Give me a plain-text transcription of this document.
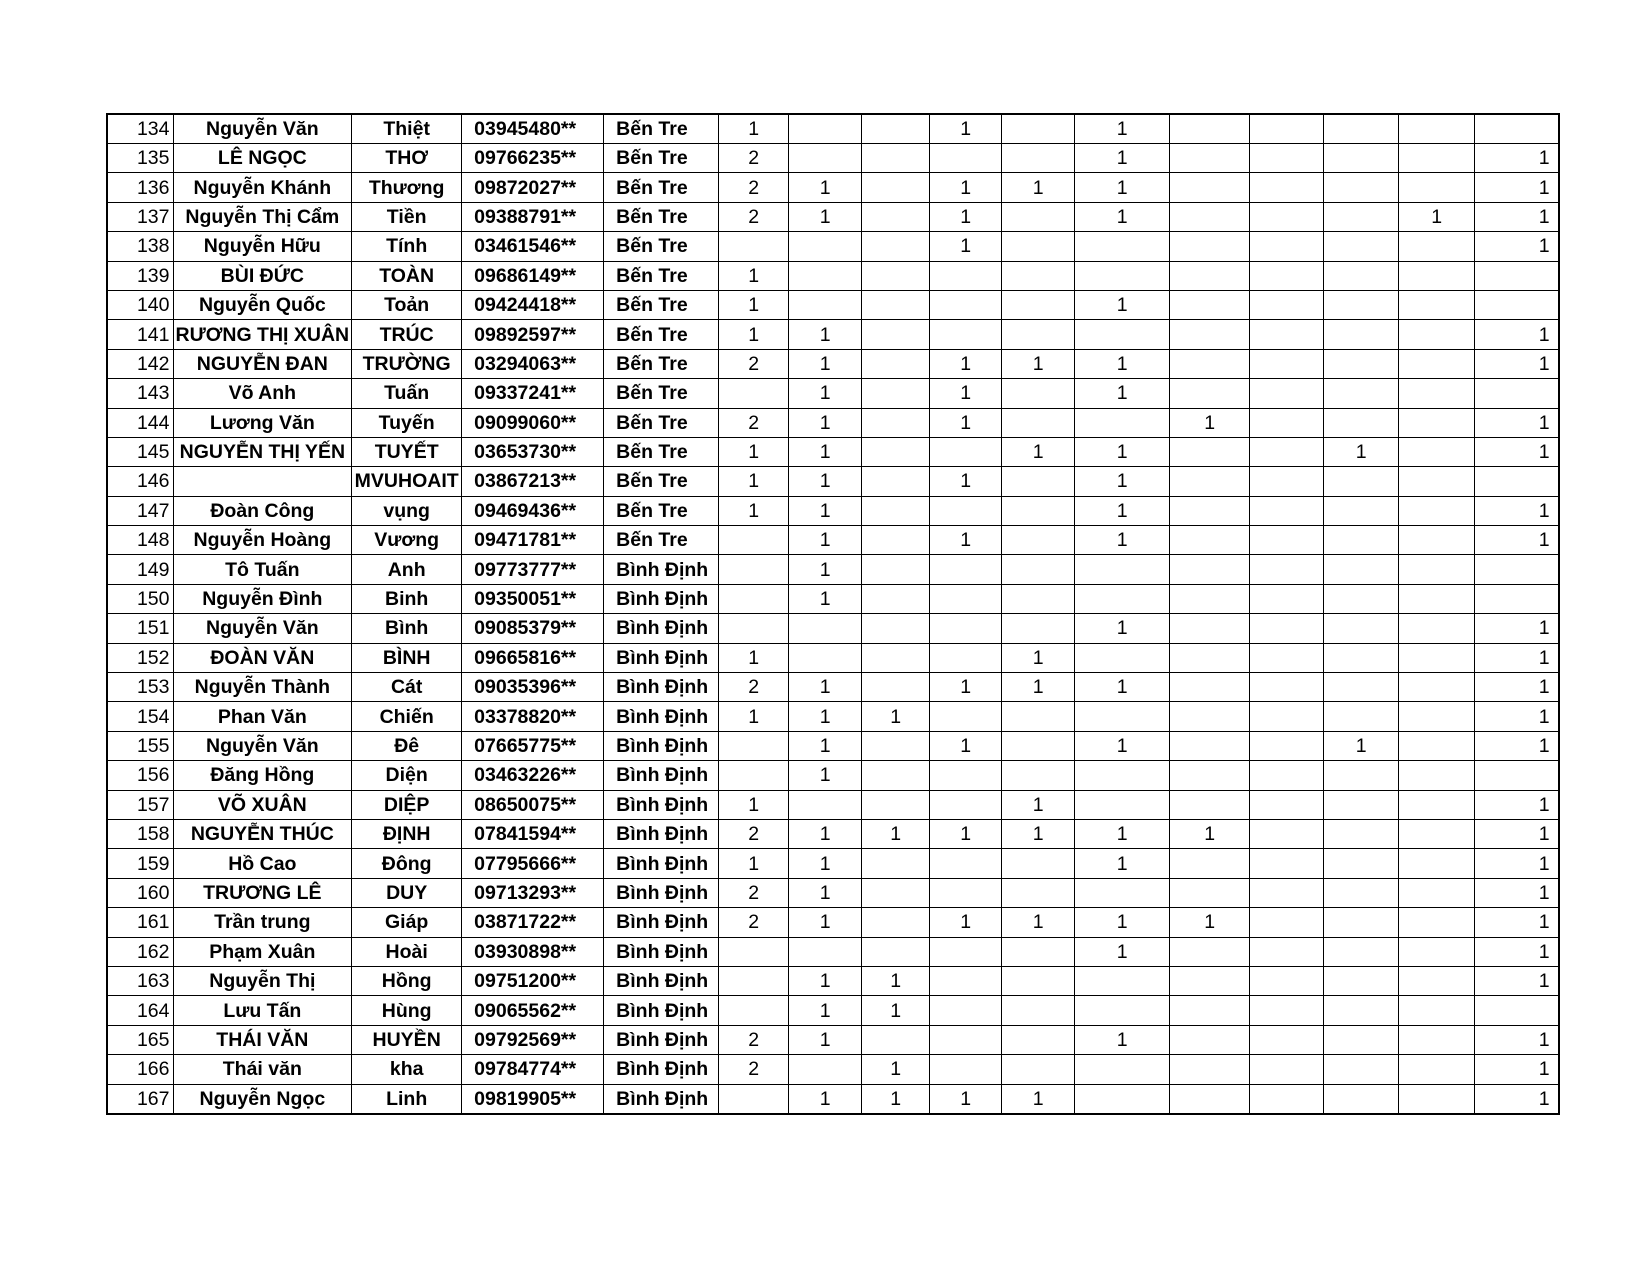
134	Nguyễn Văn	Thiệt	03945480**	Bến Tre	1			1		1					
135	LÊ NGỌC	THƠ	09766235**	Bến Tre	2					1					1
136	Nguyễn Khánh	Thương	09872027**	Bến Tre	2	1		1	1	1					1
137	Nguyễn Thị Cẩm	Tiền	09388791**	Bến Tre	2	1		1		1				1	1
138	Nguyễn Hữu	Tính	03461546**	Bến Tre				1							1
139	BÙI ĐỨC	TOÀN	09686149**	Bến Tre	1										
140	Nguyễn Quốc	Toản	09424418**	Bến Tre	1					1					
141	RƯƠNG THỊ XUÂN	TRÚC	09892597**	Bến Tre	1	1									1
142	NGUYỄN ĐAN	TRƯỜNG	03294063**	Bến Tre	2	1		1	1	1					1
143	Võ Anh	Tuấn	09337241**	Bến Tre		1		1		1					
144	Lương Văn	Tuyến	09099060**	Bến Tre	2	1		1			1				1
145	NGUYỄN THỊ YẾN	TUYẾT	03653730**	Bến Tre	1	1			1	1			1		1
146		MVUHOAIT	03867213**	Bến Tre	1	1		1		1					
147	Đoàn Công	vụng	09469436**	Bến Tre	1	1				1					1
148	Nguyễn Hoàng	Vương	09471781**	Bến Tre		1		1		1					1
149	Tô Tuấn	Anh	09773777**	Bình Định		1									
150	Nguyễn Đình	Binh	09350051**	Bình Định		1									
151	Nguyễn Văn	Bình	09085379**	Bình Định						1					1
152	ĐOÀN VĂN	BÌNH	09665816**	Bình Định	1				1						1
153	Nguyễn Thành	Cát	09035396**	Bình Định	2	1		1	1	1					1
154	Phan Văn	Chiến	03378820**	Bình Định	1	1	1								1
155	Nguyễn Văn	Đê	07665775**	Bình Định		1		1		1			1		1
156	Đăng Hồng	Diện	03463226**	Bình Định		1									
157	VÕ XUÂN	DIỆP	08650075**	Bình Định	1				1						1
158	NGUYỄN THÚC	ĐỊNH	07841594**	Bình Định	2	1	1	1	1	1	1				1
159	Hồ Cao	Đông	07795666**	Bình Định	1	1				1					1
160	TRƯƠNG LÊ	DUY	09713293**	Bình Định	2	1									1
161	Trần trung	Giáp	03871722**	Bình Định	2	1		1	1	1	1				1
162	Phạm Xuân	Hoài	03930898**	Bình Định						1					1
163	Nguyễn Thị	Hồng	09751200**	Bình Định		1	1								1
164	Lưu Tấn	Hùng	09065562**	Bình Định		1	1								
165	THÁI VĂN	HUYỀN	09792569**	Bình Định	2	1				1					1
166	Thái văn	kha	09784774**	Bình Định	2		1								1
167	Nguyễn Ngọc	Linh	09819905**	Bình Định		1	1	1	1						1
